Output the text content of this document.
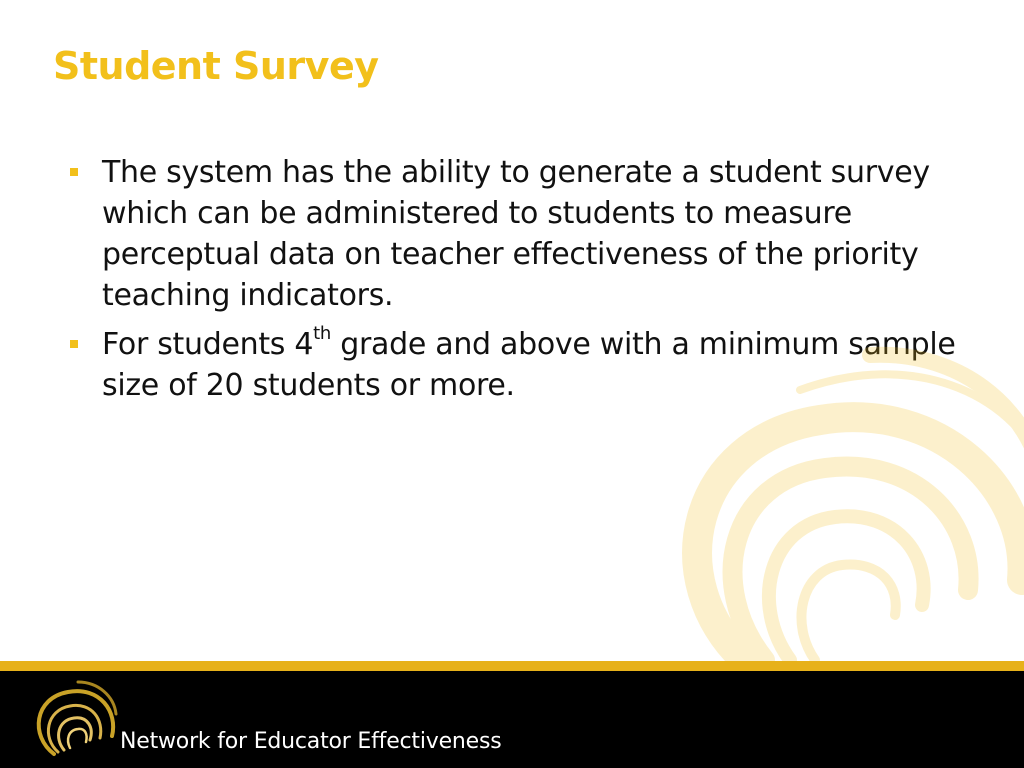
Student Survey
The system has the ability to generate a student survey which can be administered to students to measure perceptual data on teacher effectiveness of the priority teaching indicators.
For students 4th grade and above with a minimum sample size of 20 students or more.
Network for Educator Effectiveness
